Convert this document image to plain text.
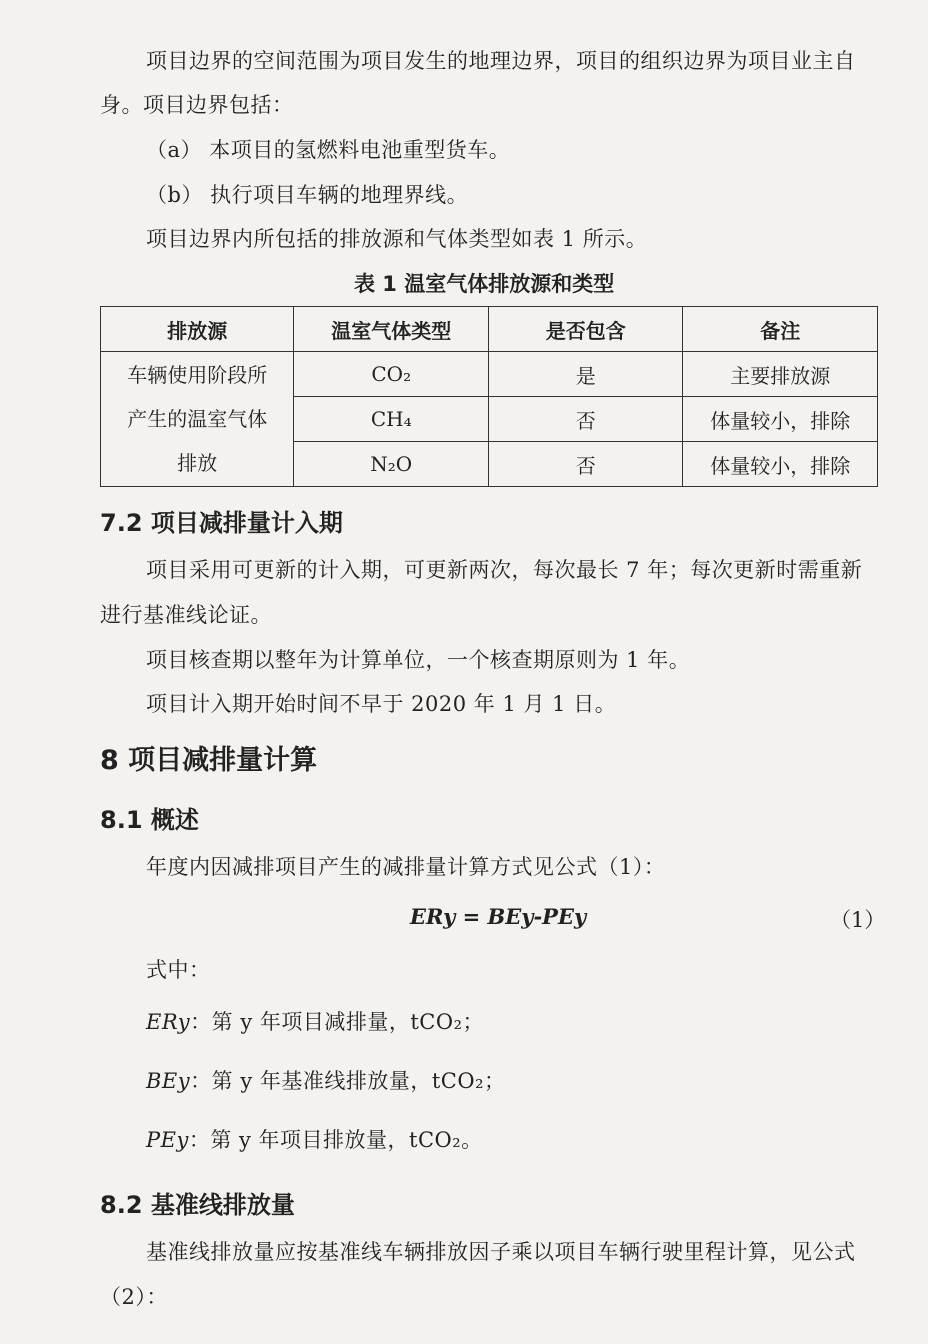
项目边界的空间范围为项目发生的地理边界，项目的组织边界为项目业主自
身。项目边界包括：
（a） 本项目的氢燃料电池重型货车。
（b） 执行项目车辆的地理界线。
项目边界内所包括的排放源和气体类型如表 1 所示。
表 1 温室气体排放源和类型
排放源	温室气体类型	是否包含	备注

车辆使用阶段所
产生的温室气体
排放	CO₂	是	主要排放源
	CH₄	否	体量较小，排除
	N₂O	否	体量较小，排除
7.2 项目减排量计入期
项目采用可更新的计入期，可更新两次，每次最长 7 年；每次更新时需重新
进行基准线论证。
项目核查期以整年为计算单位，一个核查期原则为 1 年。
项目计入期开始时间不早于 2020 年 1 月 1 日。
8 项目减排量计算
8.1 概述
年度内因减排项目产生的减排量计算方式见公式（1）：
ERy = BEy-PEy	（1）
式中：
ERy：第 y 年项目减排量，tCO₂；
BEy：第 y 年基准线排放量，tCO₂；
PEy：第 y 年项目排放量，tCO₂。
8.2 基准线排放量
基准线排放量应按基准线车辆排放因子乘以项目车辆行驶里程计算，见公式
（2）：
